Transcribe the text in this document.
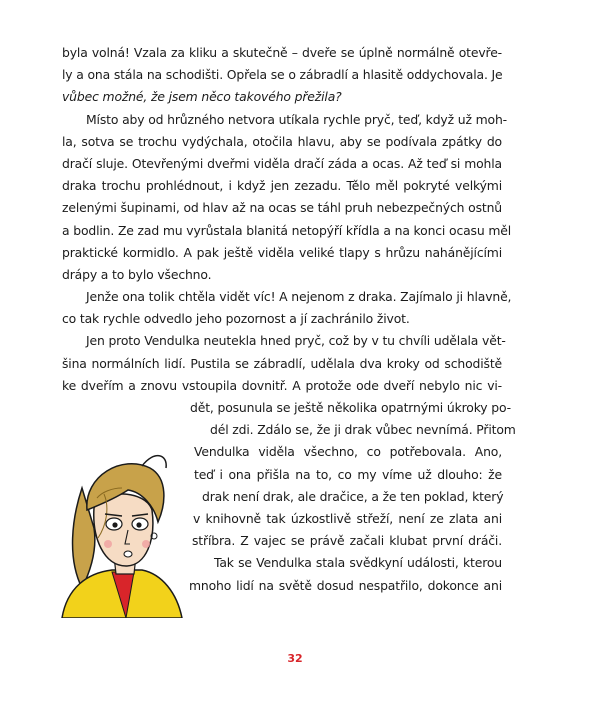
byla volná! Vzala za kliku a skutečně – dveře se úplně normálně otevře-
ly a ona stála na schodišti. Opřela se o zábradlí a hlasitě oddychovala. Je
vůbec možné, že jsem něco takového přežila?
Místo aby od hrůzného netvora utíkala rychle pryč, teď, když už moh-
la, sotva se trochu vydýchala, otočila hlavu, aby se podívala zpátky do
dračí sluje. Otevřenými dveřmi viděla dračí záda a ocas. Až teď si mohla
draka trochu prohlédnout, i když jen zezadu. Tělo měl pokryté velkými
zelenými šupinami, od hlav až na ocas se táhl pruh nebezpečných ostnů
a bodlin. Ze zad mu vyrůstala blanitá netopýří křídla a na konci ocasu měl
praktické kormidlo. A pak ještě viděla veliké tlapy s hrůzu nahánějícími
drápy a to bylo všechno.
Jenže ona tolik chtěla vidět víc! A nejenom z draka. Zajímalo ji hlavně,
co tak rychle odvedlo jeho pozornost a jí zachránilo život.
Jen proto Vendulka neutekla hned pryč, což by v tu chvíli udělala vět-
šina normálních lidí. Pustila se zábradlí, udělala dva kroky od schodiště
ke dveřím a znovu vstoupila dovnitř. A protože ode dveří nebylo nic vi-
dět, posunula se ještě několika opatrnými úkroky po-
dél zdi. Zdálo se, že ji drak vůbec nevnímá. Přitom
Vendulka viděla všechno, co potřebovala. Ano,
teď i ona přišla na to, co my víme už dlouho: že
drak není drak, ale dračice, a že ten poklad, který
v knihovně tak úzkostlivě střeží, není ze zlata ani
stříbra. Z vajec se právě začali klubat první dráči.
Tak se Vendulka stala svědkyní události, kterou
mnoho lidí na světě dosud nespatřilo, dokonce ani
32
